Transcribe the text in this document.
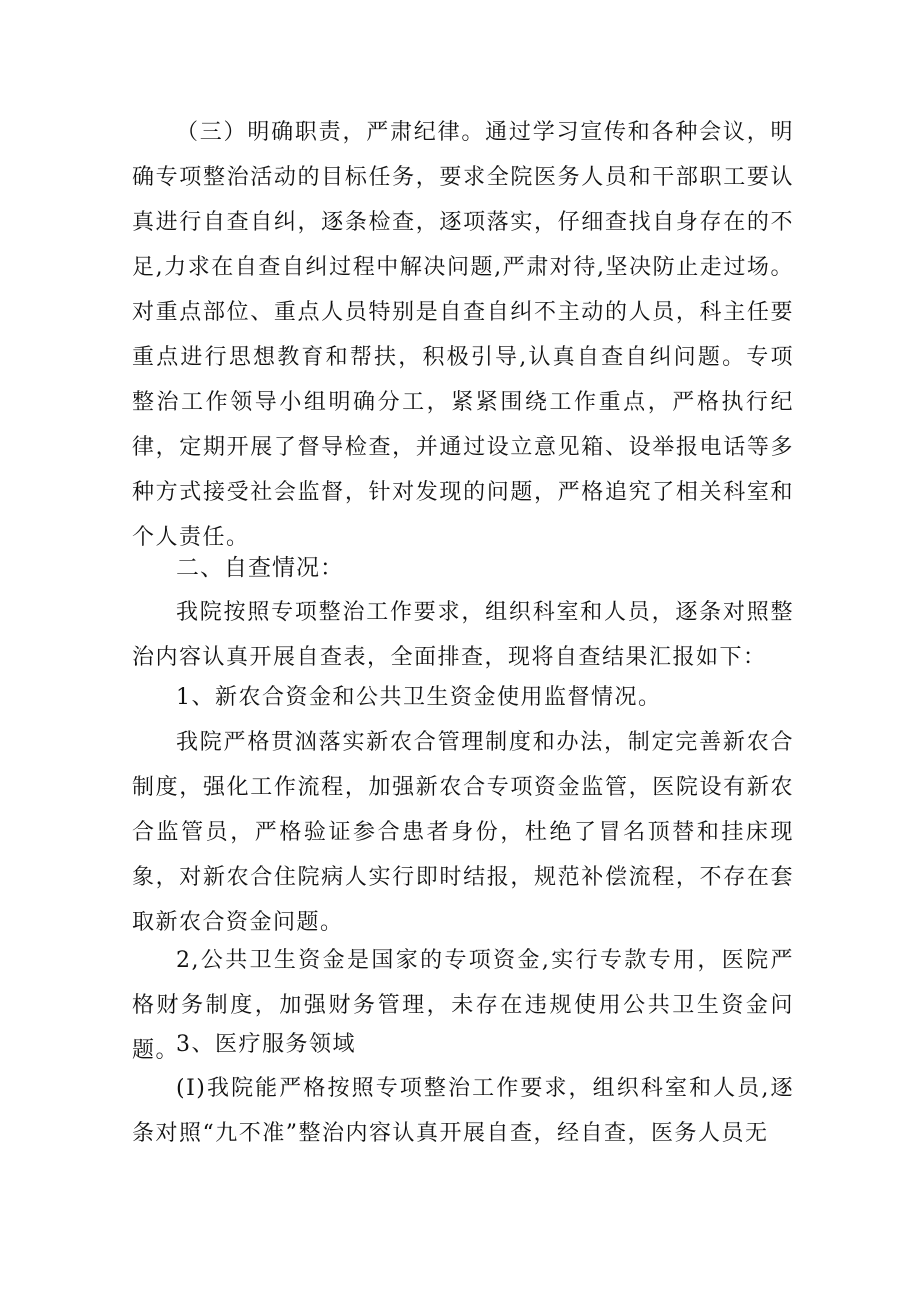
（三）明确职责，严肃纪律。通过学习宣传和各种会议，明确专项整治活动的目标任务，要求全院医务人员和干部职工要认真进行自查自纠，逐条检查，逐项落实，仔细查找自身存在的不足,力求在自查自纠过程中解决问题,严肃对待,坚决防止走过场。对重点部位、重点人员特别是自查自纠不主动的人员，科主任要重点进行思想教育和帮扶，积极引导,认真自查自纠问题。专项整治工作领导小组明确分工，紧紧围绕工作重点，严格执行纪律，定期开展了督导检查，并通过设立意见箱、设举报电话等多种方式接受社会监督，针对发现的问题，严格追究了相关科室和个人责任。

二、自查情况：

我院按照专项整治工作要求，组织科室和人员，逐条对照整治内容认真开展自查表，全面排查，现将自查结果汇报如下：

1、新农合资金和公共卫生资金使用监督情况。

我院严格贯汹落实新农合管理制度和办法，制定完善新农合制度，强化工作流程，加强新农合专项资金监管，医院设有新农合监管员，严格验证参合患者身份，杜绝了冒名顶替和挂床现象，对新农合住院病人实行即时结报，规范补偿流程，不存在套取新农合资金问题。

2,公共卫生资金是国家的专项资金,实行专款专用，医院严格财务制度，加强财务管理，未存在违规使用公共卫生资金问题。

3、医疗服务领域

(I)我院能严格按照专项整治工作要求，组织科室和人员,逐条对照“九不准”整治内容认真开展自查，经自查，医务人员无
